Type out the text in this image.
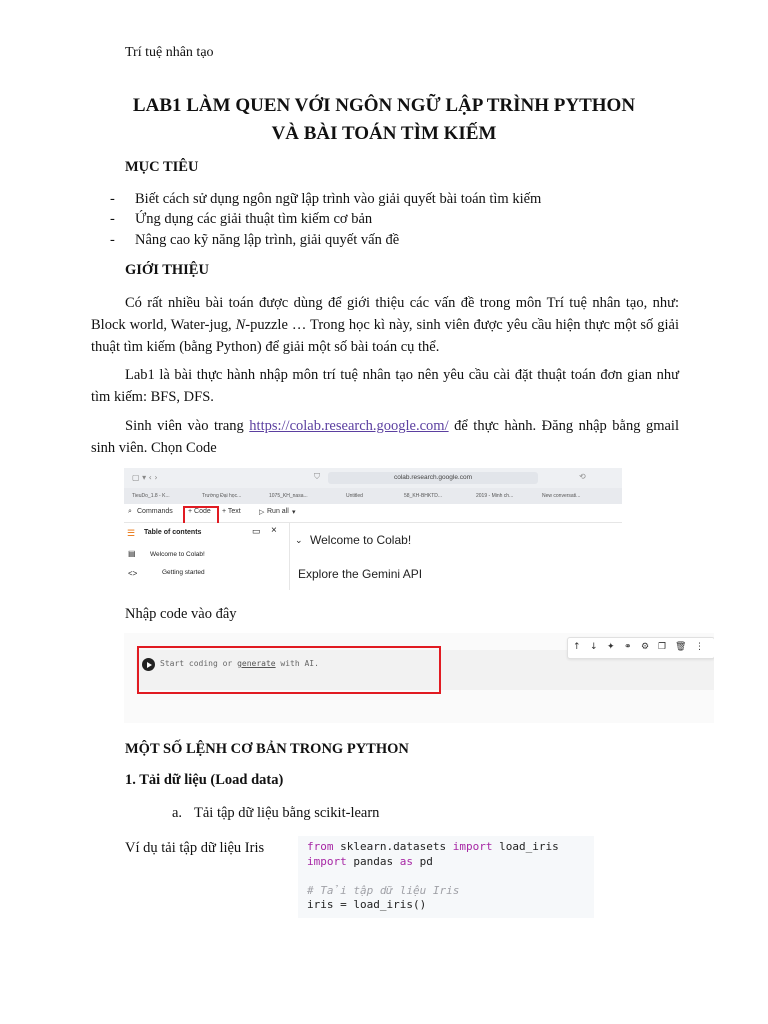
Trí tuệ nhân tạo
LAB1 LÀM QUEN VỚI NGÔN NGỮ LẬP TRÌNH PYTHON
VÀ BÀI TOÁN TÌM KIẾM
MỤC TIÊU
- Biết cách sử dụng ngôn ngữ lập trình vào giải quyết bài toán tìm kiếm
- Ứng dụng các giải thuật tìm kiếm cơ bản
- Nâng cao kỹ năng lập trình, giải quyết vấn đề
GIỚI THIỆU
Có rất nhiều bài toán được dùng để giới thiệu các vấn đề trong môn Trí tuệ nhân tạo, như: Block world, Water-jug, N-puzzle … Trong học kì này, sinh viên được yêu cầu hiện thực một số giải thuật tìm kiếm (bằng Python) để giải một số bài toán cụ thể.
Lab1 là bài thực hành nhập môn trí tuệ nhân tạo nên yêu cầu cài đặt thuật toán đơn gian như tìm kiếm: BFS, DFS.
Sinh viên vào trang https://colab.research.google.com/ để thực hành. Đăng nhập bằng gmail sinh viên. Chọn Code
▢ ▾ ‹ ›	⛉	colab.research.google.com	⟲
TieuDo_1.8 - K...	Trường Đại học...	1075_KH_nasa...	Untitled	58_KH-BHKTD...	2019 - Minh ch...	New conversati...
⌕ Commands + Code + Text	▷ Run all ▾
☰ Table of contents	▭ ×
▤ Welcome to Colab!
<>	Getting started
⌄ Welcome to Colab!
Explore the Gemini API
Nhập code vào đây
Start coding or generate with AI.
↑ ↓ ✦ ⚭ ⚙ ❐ 🗑 ⋮
MỘT SỐ LỆNH CƠ BẢN TRONG PYTHON
1. Tải dữ liệu (Load data)
a. Tải tập dữ liệu bằng scikit-learn
Ví dụ tải tập dữ liệu Iris	from sklearn.datasets import load_iris
import pandas as pd

# Tải tập dữ liệu Iris
iris = load_iris()
